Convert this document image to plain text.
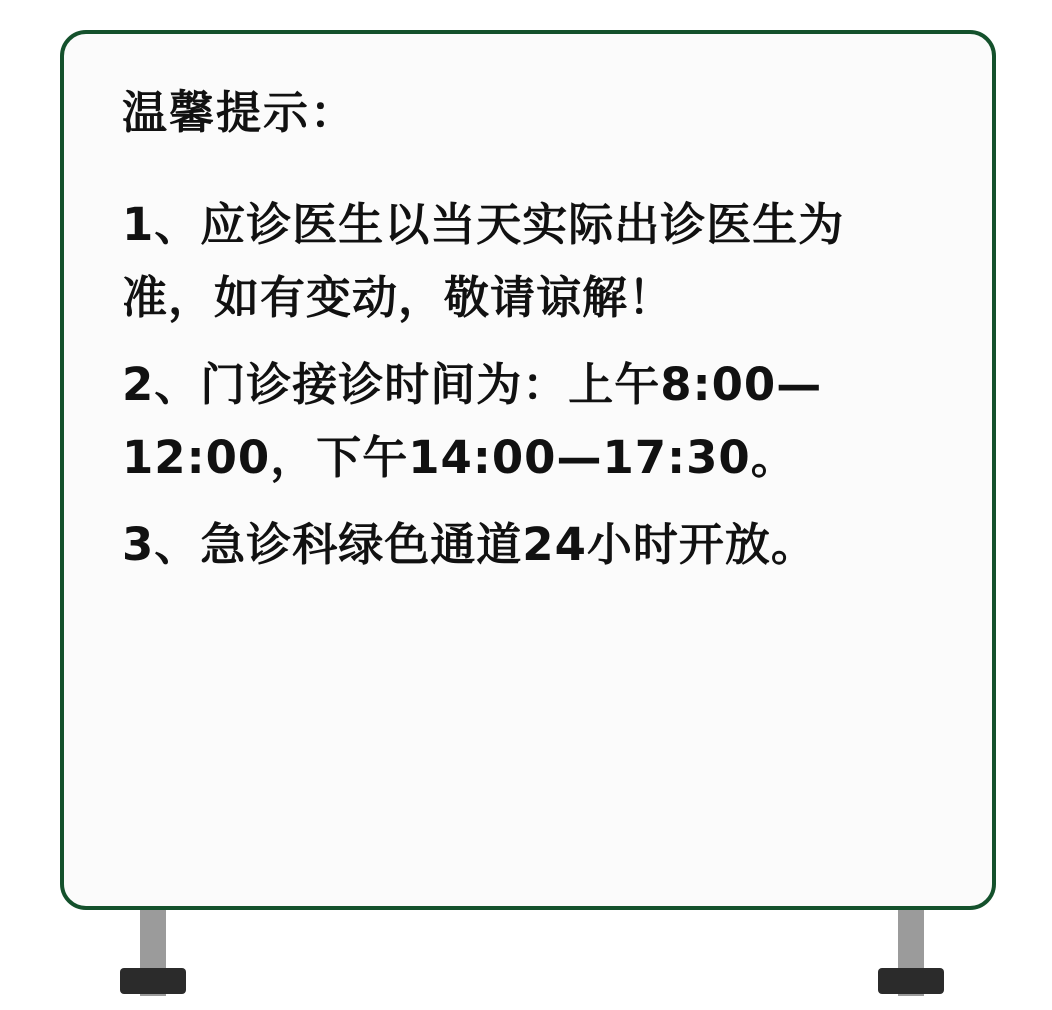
温馨提示：
1、应诊医生以当天实际出诊医生为准，如有变动，敬请谅解！
2、门诊接诊时间为：上午8:00—12:00，下午14:00—17:30。
3、急诊科绿色通道24小时开放。
